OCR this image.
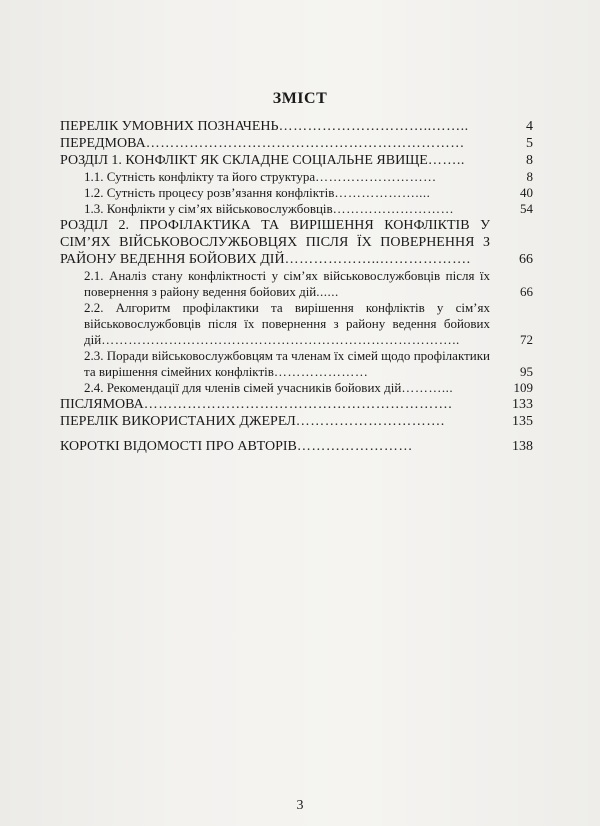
ЗМІСТ
ПЕРЕЛІК УМОВНИХ ПОЗНАЧЕНЬ…………………………..……..	4
ПЕРЕДМОВА…………………………………………………………	5
РОЗДІЛ 1. КОНФЛІКТ ЯК СКЛАДНЕ СОЦІАЛЬНЕ ЯВИЩЕ……..	8
1.1. Сутність конфлікту та його структура………………………	8
1.2. Сутність процесу розв’язання конфліктів………………....	40
1.3. Конфлікти у сім’ях військовослужбовців………………………	54
РОЗДІЛ 2. ПРОФІЛАКТИКА ТА ВИРІШЕННЯ КОНФЛІКТІВ У СІМ’ЯХ ВІЙСЬКОВОСЛУЖБОВЦЯХ ПІСЛЯ ЇХ ПОВЕРНЕННЯ З РАЙОНУ ВЕДЕННЯ БОЙОВИХ ДІЙ………………..……………….	66
2.1. Аналіз стану конфліктності у сім’ях військовослужбовців після їх повернення з району ведення бойових дій......	66
2.2. Алгоритм профілактики та вирішення конфліктів у сім’ях військовослужбовців після їх повернення з району ведення бойових дій……………………………………………………………………..	72
2.3. Поради військовослужбовцям та членам їх сімей щодо профілактики та вирішення сімейних конфліктів…………………	95
2.4. Рекомендації для членів сімей учасників бойових дій………...	109
ПІСЛЯМОВА……………………………………………………….	133
ПЕРЕЛІК ВИКОРИСТАНИХ ДЖЕРЕЛ………………………….	135
КОРОТКІ ВІДОМОСТІ ПРО АВТОРІВ……………………	138
3
